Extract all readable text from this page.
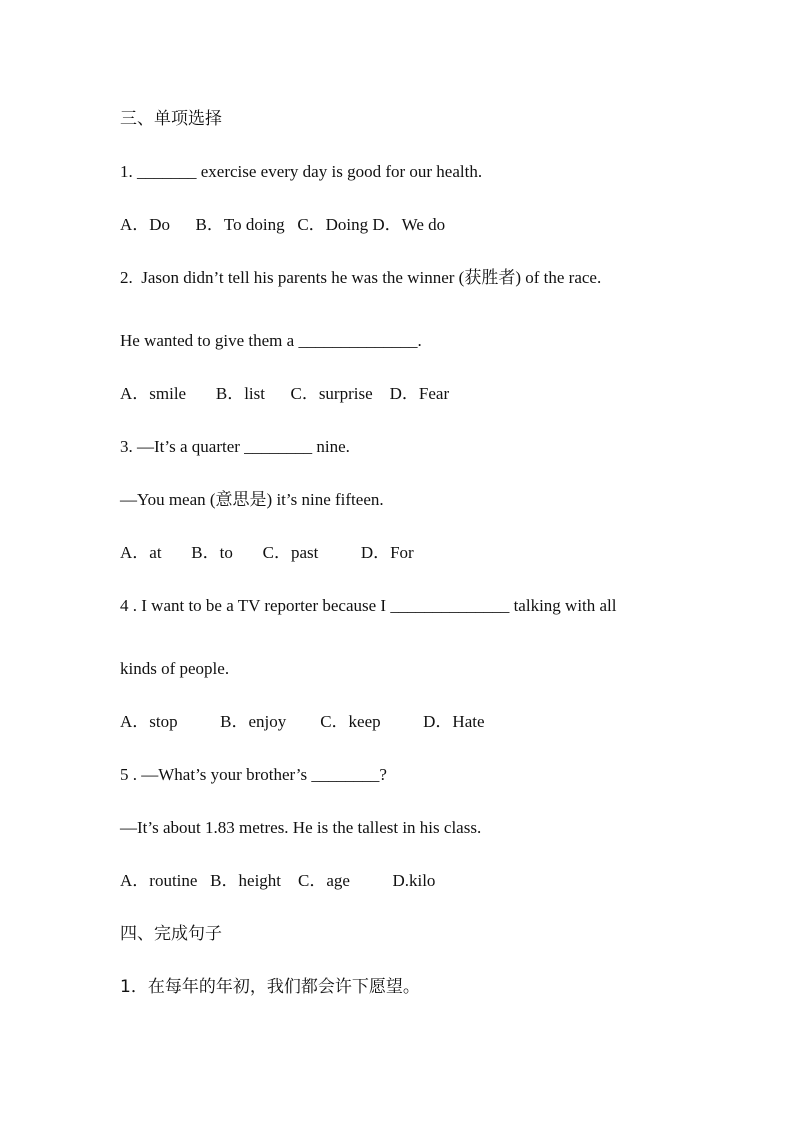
三、单项选择
1. _______ exercise every day is good for our health.
A．Do      B．To doing   C．Doing D．We do
2.  Jason didn’t tell his parents he was the winner (获胜者) of the race.
He wanted to give them a ______________.
A．smile       B．list      C．surprise    D．Fear
3. —It’s a quarter ________ nine.
—You mean (意思是) it’s nine fifteen.
A．at       B．to       C．past          D．For
4 . I want to be a TV reporter because I ______________ talking with all
kinds of people.
A．stop          B．enjoy        C．keep          D．Hate
5 . —What’s your brother’s ________?
—It’s about 1.83 metres. He is the tallest in his class.
A．routine   B．height    C．age          D.kilo
四、完成句子
1．在每年的年初，我们都会许下愿望。
